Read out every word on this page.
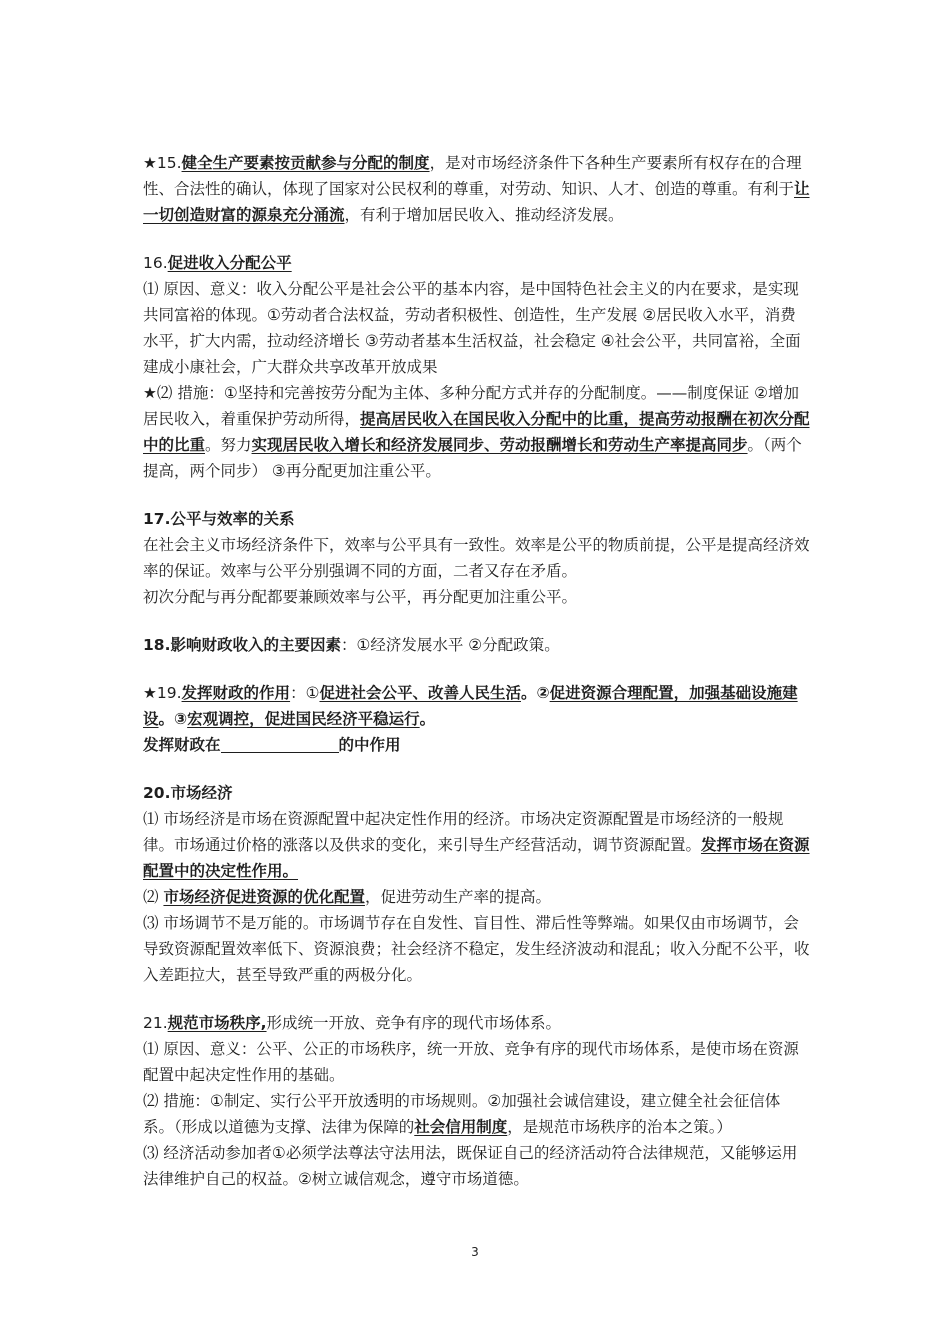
★15.健全生产要素按贡献参与分配的制度，是对市场经济条件下各种生产要素所有权存在的合理性、合法性的确认，体现了国家对公民权利的尊重，对劳动、知识、人才、创造的尊重。有利于让一切创造财富的源泉充分涌流，有利于增加居民收入、推动经济发展。

16.促进收入分配公平

⑴ 原因、意义：收入分配公平是社会公平的基本内容，是中国特色社会主义的内在要求，是实现共同富裕的体现。①劳动者合法权益，劳动者积极性、创造性，生产发展 ②居民收入水平，消费水平，扩大内需，拉动经济增长 ③劳动者基本生活权益，社会稳定 ④社会公平，共同富裕，全面建成小康社会，广大群众共享改革开放成果

★⑵ 措施：①坚持和完善按劳分配为主体、多种分配方式并存的分配制度。——制度保证 ②增加居民收入，着重保护劳动所得，提高居民收入在国民收入分配中的比重，提高劳动报酬在初次分配中的比重。努力实现居民收入增长和经济发展同步、劳动报酬增长和劳动生产率提高同步。（两个提高，两个同步） ③再分配更加注重公平。

17.公平与效率的关系

在社会主义市场经济条件下，效率与公平具有一致性。效率是公平的物质前提，公平是提高经济效率的保证。效率与公平分别强调不同的方面，二者又存在矛盾。

初次分配与再分配都要兼顾效率与公平，再分配更加注重公平。

18.影响财政收入的主要因素：①经济发展水平 ②分配政策。

★19.发挥财政的作用：①促进社会公平、改善人民生活。②促进资源合理配置，加强基础设施建设。③宏观调控，促进国民经济平稳运行。

发挥财政在	的中作用

20.市场经济

⑴ 市场经济是市场在资源配置中起决定性作用的经济。市场决定资源配置是市场经济的一般规律。市场通过价格的涨落以及供求的变化，来引导生产经营活动，调节资源配置。发挥市场在资源配置中的决定性作用。

⑵ 市场经济促进资源的优化配置，促进劳动生产率的提高。

⑶ 市场调节不是万能的。市场调节存在自发性、盲目性、滞后性等弊端。如果仅由市场调节，会导致资源配置效率低下、资源浪费；社会经济不稳定，发生经济波动和混乱；收入分配不公平，收入差距拉大，甚至导致严重的两极分化。

21.规范市场秩序,形成统一开放、竞争有序的现代市场体系。

⑴ 原因、意义：公平、公正的市场秩序，统一开放、竞争有序的现代市场体系，是使市场在资源配置中起决定性作用的基础。

⑵ 措施：①制定、实行公平开放透明的市场规则。②加强社会诚信建设，建立健全社会征信体系。（形成以道德为支撑、法律为保障的社会信用制度，是规范市场秩序的治本之策。）

⑶ 经济活动参加者①必须学法尊法守法用法，既保证自己的经济活动符合法律规范，又能够运用法律维护自己的权益。②树立诚信观念，遵守市场道德。

3
